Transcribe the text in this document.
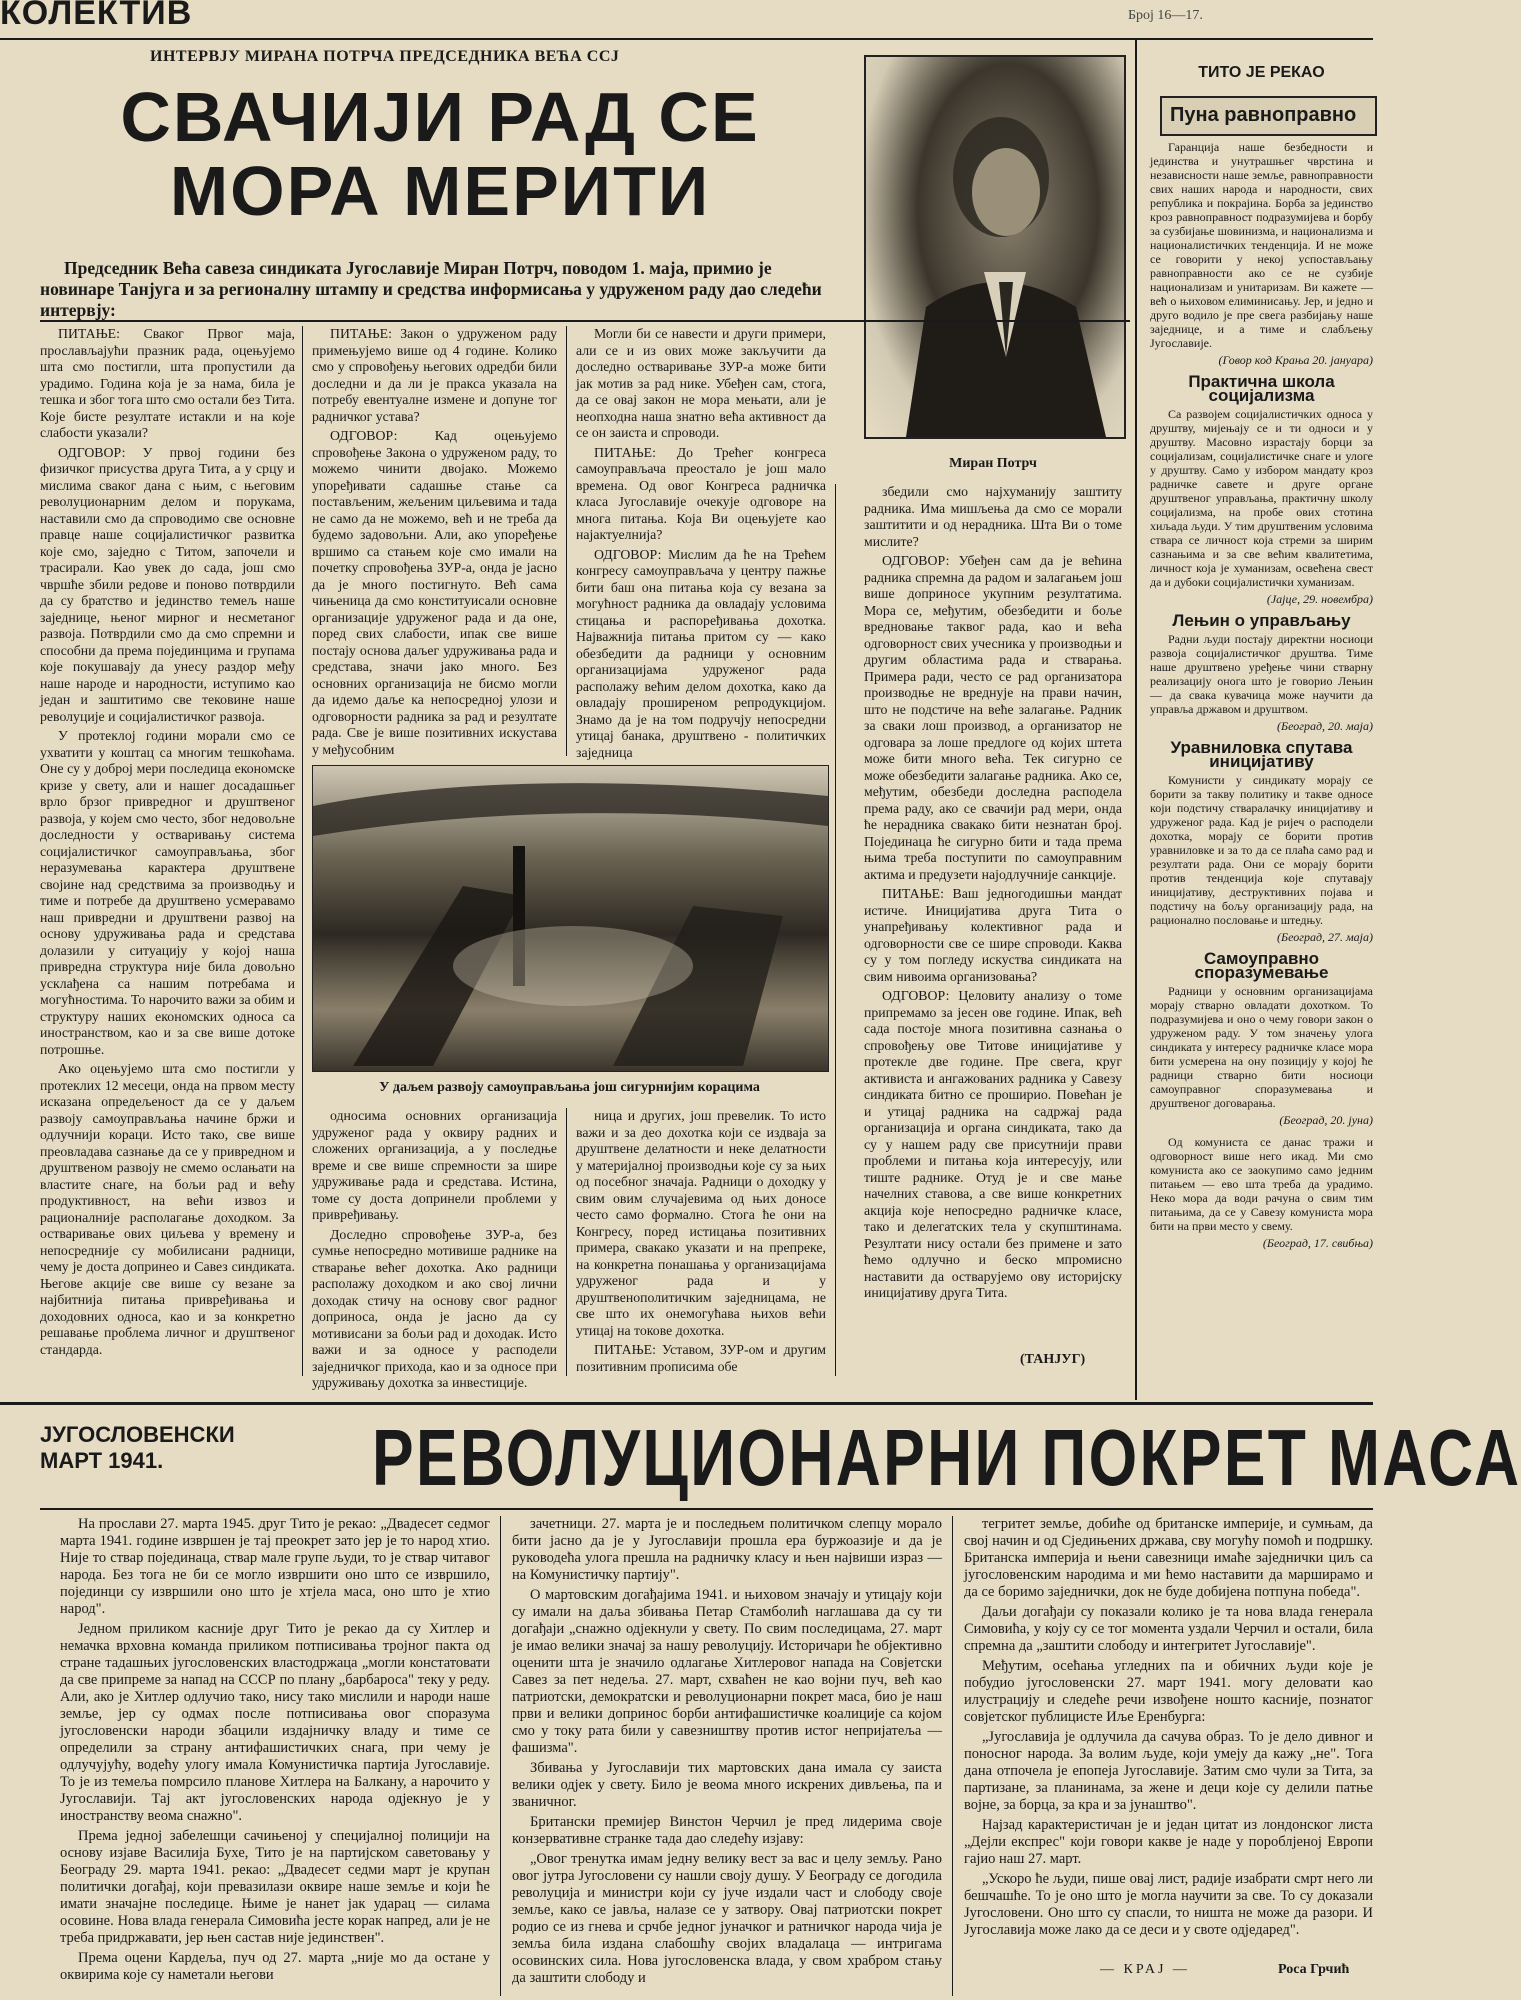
КОЛЕКТИВ	Број 16—17.
ИНТЕРВЈУ МИРАНА ПОТРЧА ПРЕДСЕДНИКА ВЕЋА ССЈ
СВАЧИЈИ РАД СЕ МОРА МЕРИТИ
Председник Већа савеза синдиката Југославије Миран Потрч, поводом 1. маја, примио је новинаре Танјуга и за регионалну штампу и средства информисања у удруженом раду дао следећи интервју:
Миран Потрч

ПИТАЊЕ: Сваког Првог маја, прослављајући празник рада, оцењујемо шта смо постигли, шта пропустили да урадимо. Година која је за нама, била је тешка и због тога што смо остали без Тита. Које бисте резултате истакли и на које слабости указали?

ОДГОВОР: У првој години без физичког присуства друга Тита, а у срцу и мислима сваког дана с њим, с његовим револуционарним делом и порукама, наставили смо да спроводимо све основне правце наше социјалистичког развитка које смо, заједно с Титом, започели и трасирали. Као увек до сада, још смо чвршће збили редове и поново потврдили да су братство и јединство темељ наше заједнице, њеног мирног и несметаног развоја. Потврдили смо да смо спремни и способни да према појединцима и групама које покушавају да унесу раздор међу наше народе и народности, иступимо као један и заштитимо све тековине наше револуције и социјалистичког развоја.

У протеклој години морали смо се ухватити у коштац са многим тешкоћама. Оне су у доброј мери последица економске кризе у свету, али и нашег досадашњег врло брзог привредног и друштвеног развоја, у којем смо често, због недовољне доследности у остваривању система социјалистичког самоуправљања, због неразумевања карактера друштвене својине над средствима за производњу и тиме и потребе да друштвено усмеравамо наш привредни и друштвени развој на основу удруживања рада и средстава долазили у ситуацију у којој наша привредна структура није била довољно усклађена са нашим потребама и могућностима. То нарочито важи за обим и структуру наших економских односа са иностранством, као и за све више дотоке потрошње.

Ако оцењујемо шта смо постигли у протеклих 12 месеци, онда на првом месту исказана опредељеност да се у даљем развоју самоуправљања начине бржи и одлучнији кораци. Исто тако, све више преовладава сазнање да се у привредном и друштвеном развоју не смемо ослањати на властите снаге, на бољи рад и већу продуктивност, на већи извоз и рационалније располагање доходком. За остваривање ових циљева у времену и непосредније су мобилисани радници, чему је доста допринео и Савез синдиката. Његове акције све више су везане за најбитнија питања привређивања и доходовних односа, као и за конкретно решавање проблема личног и друштвеног стандарда.

ПИТАЊЕ: Закон о удруженом раду примењујемо више од 4 године. Колико смо у спровођењу његових одредби били доследни и да ли је пракса указала на потребу евентуалне измене и допуне тог радничког устава?

ОДГОВОР: Кад оцењујемо спровођење Закона о удруженом раду, то можемо чинити двојако. Можемо упоређивати садашње стање са постављеним, жељеним циљевима и тада не само да не можемо, већ и не треба да будемо задовољни. Али, ако упоређење вршимо са стањем које смо имали на почетку спровођења ЗУР-а, онда је јасно да је много постигнуто. Већ сама чињеница да смо конституисали основне организације удруженог рада и да оне, поред свих слабости, ипак све више постају основа даљег удруживања рада и средстава, значи јако много. Без основних организација не бисмо могли да идемо даље ка непосредној улози и одговорности радника за рад и резултате рада. Све је више позитивних искустава у међусобним

Могли би се навести и други примери, али се и из ових може закључити да доследно остваривање ЗУР-а може бити јак мотив за рад нике. Убеђен сам, стога, да се овај закон не мора мењати, али је неопходна наша знатно већа активност да се он заиста и спроводи.

ПИТАЊЕ: До Трећег конгреса самоуправљача преостало је још мало времена. Од овог Конгреса радничка класа Југославије очекује одговоре на многа питања. Која Ви оцењујете као најактуелнија?

ОДГОВОР: Мислим да ће на Трећем конгресу самоуправљача у центру пажње бити баш она питања која су везана за могућност радника да овладају условима стицања и распоређивања дохотка. Најважнија питања притом су — како обезбедити да радници у основним организацијама удруженог рада располажу већим делом дохотка, како да овладају проширеном репродукцијом. Знамо да је на том подручју непосредни утицај банака, друштвено - политичких заједница

У даљем развоју самоуправљања још сигурнијим корацима

односима основних организација удруженог рада у оквиру радних и сложених организација, а у последње време и све више спремности за шире удруживање рада и средстава. Истина, томе су доста допринели проблеми у привређивању.

Доследно спровођење ЗУР-а, без сумње непосредно мотивише раднике на стварање већег дохотка. Ако радници располажу доходком и ако свој лични доходак стичу на основу свог радног доприноса, онда је јасно да су мотивисани за бољи рад и доходак. Исто важи и за односе у расподели заједничког прихода, као и за односе при удруживању дохотка за инвестиције.

ница и других, још превелик. То исто важи и за део дохотка који се издваја за друштвене делатности и неке делатности у материјалној производњи које су за њих од посебног значаја. Радници о доходку у свим овим случајевима од њих доносе често само формално. Стога ће они на Конгресу, поред истицања позитивних примера, свакако указати и на препреке, на конкретна понашања у организацијама удруженог рада и у друштвенополитичким заједницама, не све што их онемогућава њихов већи утицај на токове дохотка.

ПИТАЊЕ: Уставом, ЗУР-ом и другим позитивним прописима обе

збедили смо најхуманију заштиту радника. Има мишљења да смо се морали заштитити и од нерадника. Шта Ви о томе мислите?

ОДГОВОР: Убеђен сам да је већина радника спремна да радом и залагањем још више доприносе укупним резултатима. Мора се, међутим, обезбедити и боље вредновање таквог рада, као и већа одговорност свих учесника у производњи и другим областима рада и стварања. Примера ради, често се рад организатора производње не вреднује на прави начин, што не подстиче на веће залагање. Радник за сваки лош производ, а организатор не одговара за лоше предлоге од којих штета може бити много већа. Тек сигурно се може обезбедити залагање радника. Ако се, међутим, обезбеди доследна расподела према раду, ако се свачији рад мери, онда ће нерадника свакако бити незнатан број. Појединаца ће сигурно бити и тада према њима треба поступити по самоуправним актима и предузети најодлучније санкције.

ПИТАЊЕ: Ваш једногодишњи мандат истиче. Иницијатива друга Тита о унапређивању колективног рада и одговорности све се шире спроводи. Каква су у том погледу искуства синдиката на свим нивоима организовања?

ОДГОВОР: Целовиту анализу о томе припремамо за јесен ове године. Ипак, већ сада постоје многа позитивна сазнања о спровођењу ове Титове иницијативе у протекле две године. Пре свега, круг активиста и ангажованих радника у Савезу синдиката битно се проширио. Повећан је и утицај радника на садржај рада организација и органа синдиката, тако да су у нашем раду све присутнији прави проблеми и питања која интересују, или тиште раднике. Отуд је и све мање начелних ставова, а све више конкретних акција које непосредно радничке класе, тако и делегатских тела у скупштинама. Резултати нису остали без примене и зато ћемо одлучно и беско мпромисно наставити да остварујемо ову историјску иницијативу друга Тита.

(ТАНЈУГ)
ТИТО ЈЕ РЕКАО
Пуна равноправно

Гаранција наше безбедности и јединства и унутрашњег чврстина и независности наше земље, равноправности свих наших народа и народности, свих република и покрајина. Борба за јединство кроз равноправност подразумијева и борбу за сузбијање шовинизма, и национализма и националистичких тенденција. И не може се говорити у некој успостављању равноправности ако се не сузбије национализам и унитаризам. Ви кажете — већ о њиховом елиминисању. Јер, и једно и друго водило је пре свега разбијању наше заједнице, и а тиме и слабљењу Југославије.

(Говор код Крања 20. јануара)
Практична школа социјализма

Са развојем социјалистичких односа у друштву, мијењају се и ти односи и у друштву. Масовно израстају борци за социјализам, социјалистичке снаге и улоге у друштву. Само у избором мандату кроз радничке савете и друге органе друштвеног управљања, практичну школу социјализма, на пробе ових стотина хиљада људи. У тим друштвеним условима ствара се личност која стреми за ширим сазнањима и за све већим квалитетима, личност која је хуманизам, освећена свест да и дубоки социјалистички хуманизам.

(Јајце, 29. новембра)
Лењин о управљању

Радни људи постају директни носиоци развоја социјалистичког друштва. Тиме наше друштвено уређење чини стварну реализацију онога што је говорио Лењин — да свака кувачица може научити да управља државом и друштвом.

(Београд, 20. маја)
Уравниловка спутава иницијативу

Комунисти у синдикату морају се борити за такву политику и такве односе који подстичу стваралачку иницијативу и удруженог рада. Кад је ријеч о расподели дохотка, морају се борити против уравниловке и за то да се плаћа само рад и резултати рада. Они се морају борити против тенденција које спутавају иницијативу, деструктивних појава и подстичу на бољу организацију рада, на рационално пословање и штедњу.

(Београд, 27. маја)
Самоуправно споразумевање

Радници у основним организацијама морају стварно овладати дохотком. То подразумијева и оно о чему говори закон о удруженом раду. У том значењу улога синдиката у интересу радничке класе мора бити усмерена на ону позицију у којој ће радници стварно бити носиоци самоуправног споразумевања и друштвеног договарања.

(Београд, 20. јуна)

Од комуниста се данас тражи и одговорност више него икад. Ми смо комуниста ако се заокупимо само једним питањем — ево шта треба да урадимо. Неко мора да води рачуна о свим тим питањима, да се у Савезу комуниста мора бити на први место у свему.

(Београд, 17. свибња)
ЈУГОСЛОВЕНСКИ МАРТ 1941.	РЕВОЛУЦИОНАРНИ ПОКРЕТ МАСА

На прослави 27. марта 1945. друг Тито је рекао: „Двадесет седмог марта 1941. године извршен је тај преокрет зато јер је то народ хтио. Није то ствар појединаца, ствар мале групе људи, то је ствар читавог народа. Без тога не би се могло извршити оно што се извршило, појединци су извршили оно што је хтјела маса, оно што је хтио народ".

Једном приликом касније друг Тито је рекао да су Хитлер и немачка врховна команда приликом потписивања тројног пакта од стране тадашњих југословенских властодржаца „могли констатовати да све припреме за напад на СССР по плану „барбароса" теку у реду. Али, ако је Хитлер одлучио тако, нису тако мислили и народи наше земље, јер су одмах после потписивања овог споразума југословенски народи збацили издајничку владу и тиме се определили за страну антифашистичких снага, при чему је одлучујућу, водећу улогу имала Комунистичка партија Југославије. То је из темеља помрсило планове Хитлера на Балкану, а нарочито у Југославији. Тај акт југословенских народа одјекнуо је у иностранству веома снажно".

Према једној забелешци сачињеној у специјалној полицији на основу изјаве Василија Бухе, Тито је на партијском саветовању у Београду 29. марта 1941. рекао: „Двадесет седми март је крупан политички догађај, који превазилази оквире наше земље и који ће имати значајне последице. Њиме је нанет јак ударац — силама осовине. Нова влада генерала Симовића јесте корак напред, али је не треба придржавати, јер њен састав није јединствен".

Према оцени Кардеља, пуч од 27. марта „није мо да остане у оквирима које су наметали његови

зачетници. 27. марта је и последњем политичком слепцу морало бити јасно да је у Југославији прошла ера буржоазије и да је руководећа улога прешла на радничку класу и њен највиши израз — на Комунистичку партију".

О мартовским догађајима 1941. и њиховом значају и утицају који су имали на даља збивања Петар Стамболић наглашава да су ти догађаји „снажно одјекнули у свету. По свим последицама, 27. март је имао велики значај за нашу револуцију. Историчари ће објективно оценити шта је значило одлагање Хитлеровог напада на Совјетски Савез за пет недеља. 27. март, схваћен не као војни пуч, већ као патриотски, демократски и револуционарни покрет маса, био је наш први и велики допринос борби антифашистичке коалиције са којом смо у току рата били у савезништву против истог непријатеља — фашизма".

Збивања у Југославији тих мартовских дана имала су заиста велики одјек у свету. Било је веома много искрених дивљења, па и званичног.

Британски премијер Винстон Черчил је пред лидерима своје конзервативне странке тада дао следећу изјаву:

„Овог тренутка имам једну велику вест за вас и целу земљу. Рано овог јутра Југословени су нашли своју душу. У Београду се догодила револуција и министри који су јуче издали част и слободу своје земље, како се јавља, налазе се у затвору. Овај патриотски покрет родио се из гнева и срчбе једног јуначког и ратничког народа чија је земља била издана слабошћу својих владалаца — интригама осовинских сила. Нова југословенска влада, у свом храбром стању да заштити слободу и

тегритет земље, добиће од британске империје, и сумњам, да свој начин и од Сједињених држава, сву могућу помоћ и подршку. Британска империја и њени савезници имаће заједнички циљ са југословенским народима и ми ћемо наставити да марширамо и да се боримо заједнички, док не буде добијена потпуна победа".

Даљи догађаји су показали колико је та нова влада генерала Симовића, у коју су се тог момента уздали Черчил и остали, била спремна да „заштити слободу и интегритет Југославије".

Међутим, осећања угледних па и обичних људи које је побудио југословенски 27. март 1941. могу деловати као илустрацију и следеће речи извођене ношто касније, познатог совјетског публицисте Иље Еренбурга:

„Југославија је одлучила да сачува образ. То је дело дивног и поносног народа. За волим људе, који умеју да кажу „не". Тога дана отпочела је епопеја Југославије. Затим смо чули за Тита, за партизане, за планинама, за жене и деци које су делили патње војне, за борца, за кра и за јунаштво".

Најзад карактеристичан је и један цитат из лондонског листа „Дејли експрес" који говори какве је наде у пороблјеној Европи гајио наш 27. март.

„Ускоро ће људи, пише овај лист, радије изабрати смрт него ли бешчашће. То је оно што је могла научити за све. То су доказали Југословени. Оно што су спасли, то ништа не може да разори. И Југославија може лако да се деси и у своте одједаред".

— КРАЈ —	Роса Грчић
